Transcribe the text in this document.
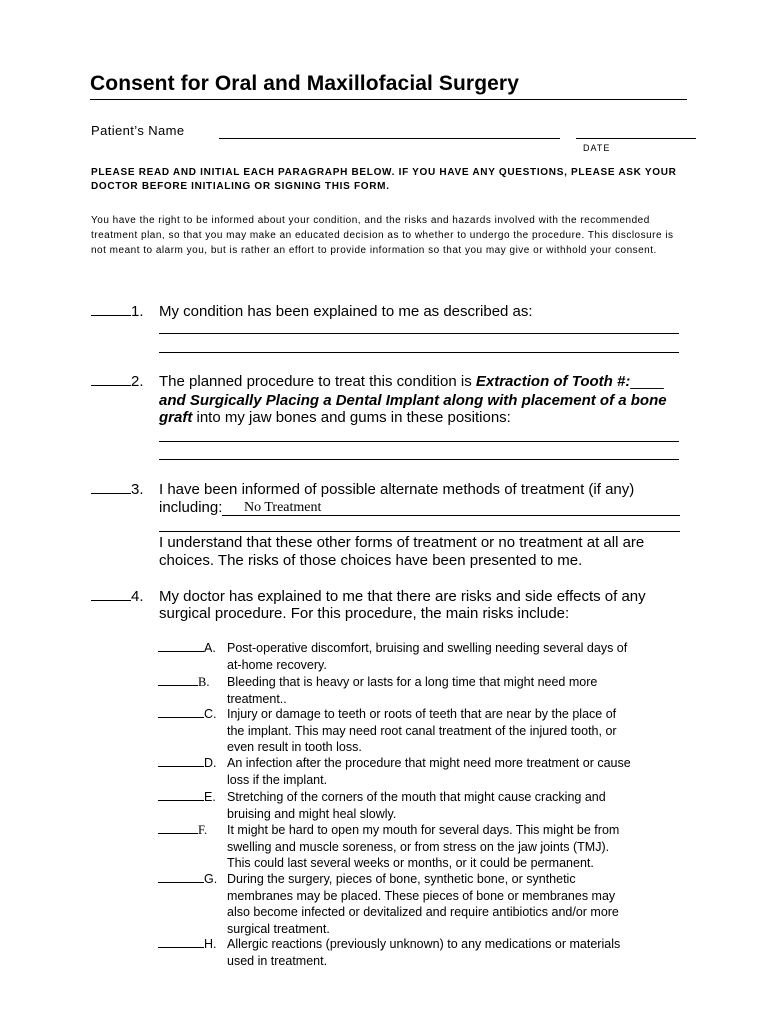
Consent for Oral and Maxillofacial Surgery
Patient’s Name
DATE
PLEASE READ AND INITIAL EACH PARAGRAPH BELOW. IF YOU HAVE ANY QUESTIONS, PLEASE ASK YOUR DOCTOR BEFORE INITIALING OR SIGNING THIS FORM.
You have the right to be informed about your condition, and the risks and hazards involved with the recommended treatment plan, so that you may make an educated decision as to whether to undergo the procedure. This disclosure is not meant to alarm you, but is rather an effort to provide information so that you may give or withhold your consent.
1. My condition has been explained to me as described as:
2.	The planned procedure to treat this condition is Extraction of Tooth #:____
and Surgically Placing a Dental Implant along with placement of a bone
graft into my jaw bones and gums in these positions:
3.	I have been informed of possible alternate methods of treatment (if any)
including:	No Treatment
I understand that these other forms of treatment or no treatment at all are
choices. The risks of those choices have been presented to me.
4.	My doctor has explained to me that there are risks and side effects of any
surgical procedure. For this procedure, the main risks include:
A. Post-operative discomfort, bruising and swelling needing several days of
at-home recovery.
B. Bleeding that is heavy or lasts for a long time that might need more
treatment..
C. Injury or damage to teeth or roots of teeth that are near by the place of
the implant. This may need root canal treatment of the injured tooth, or
even result in tooth loss.
D. An infection after the procedure that might need more treatment or cause
loss if the implant.
E. Stretching of the corners of the mouth that might cause cracking and
bruising and might heal slowly.
F. It might be hard to open my mouth for several days. This might be from
swelling and muscle soreness, or from stress on the jaw joints (TMJ).
This could last several weeks or months, or it could be permanent.
G. During the surgery, pieces of bone, synthetic bone, or synthetic
membranes may be placed. These pieces of bone or membranes may
also become infected or devitalized and require antibiotics and/or more
surgical treatment.
H. Allergic reactions (previously unknown) to any medications or materials
used in treatment.
